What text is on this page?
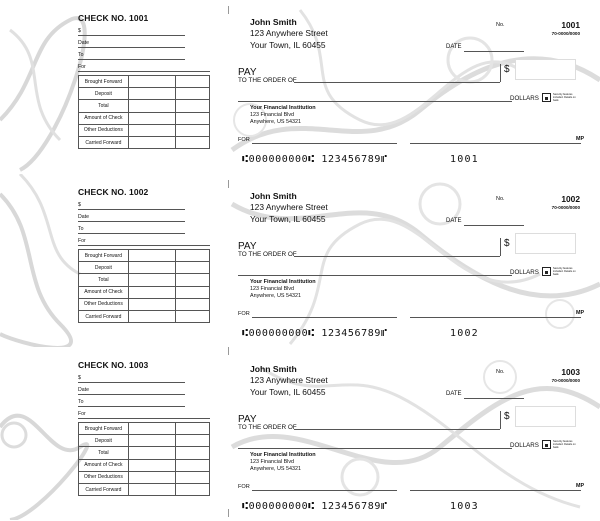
CHECK NO. 1001
$
Date
To
For
Brought Forward		
Deposit		
Total		
Amount of Check		
Other Deductions		
Carried Forward		
John Smith
123 Anywhere Street
Your Town, IL 60455
No.	1001
70-0000/0000
DATE
PAY
TO THE ORDER OF
$
DOLLARS
Security features included. Details on back.
Your Financial Institution
123 Financial Blvd
Anywhere, US 54321
FOR	MP
⑆000000000⑆ 123456789⑈	1001
CHECK NO. 1002
$
Date
To
For
Brought Forward		
Deposit		
Total		
Amount of Check		
Other Deductions		
Carried Forward		
John Smith
123 Anywhere Street
Your Town, IL 60455
No.	1002
70-0000/0000
DATE
PAY
TO THE ORDER OF
$
DOLLARS
Security features included. Details on back.
Your Financial Institution
123 Financial Blvd
Anywhere, US 54321
FOR	MP
⑆000000000⑆ 123456789⑈	1002
CHECK NO. 1003
$
Date
To
For
Brought Forward		
Deposit		
Total		
Amount of Check		
Other Deductions		
Carried Forward		
John Smith
123 Anywhere Street
Your Town, IL 60455
No.	1003
70-0000/0000
DATE
PAY
TO THE ORDER OF
$
DOLLARS
Security features included. Details on back.
Your Financial Institution
123 Financial Blvd
Anywhere, US 54321
FOR	MP
⑆000000000⑆ 123456789⑈	1003
